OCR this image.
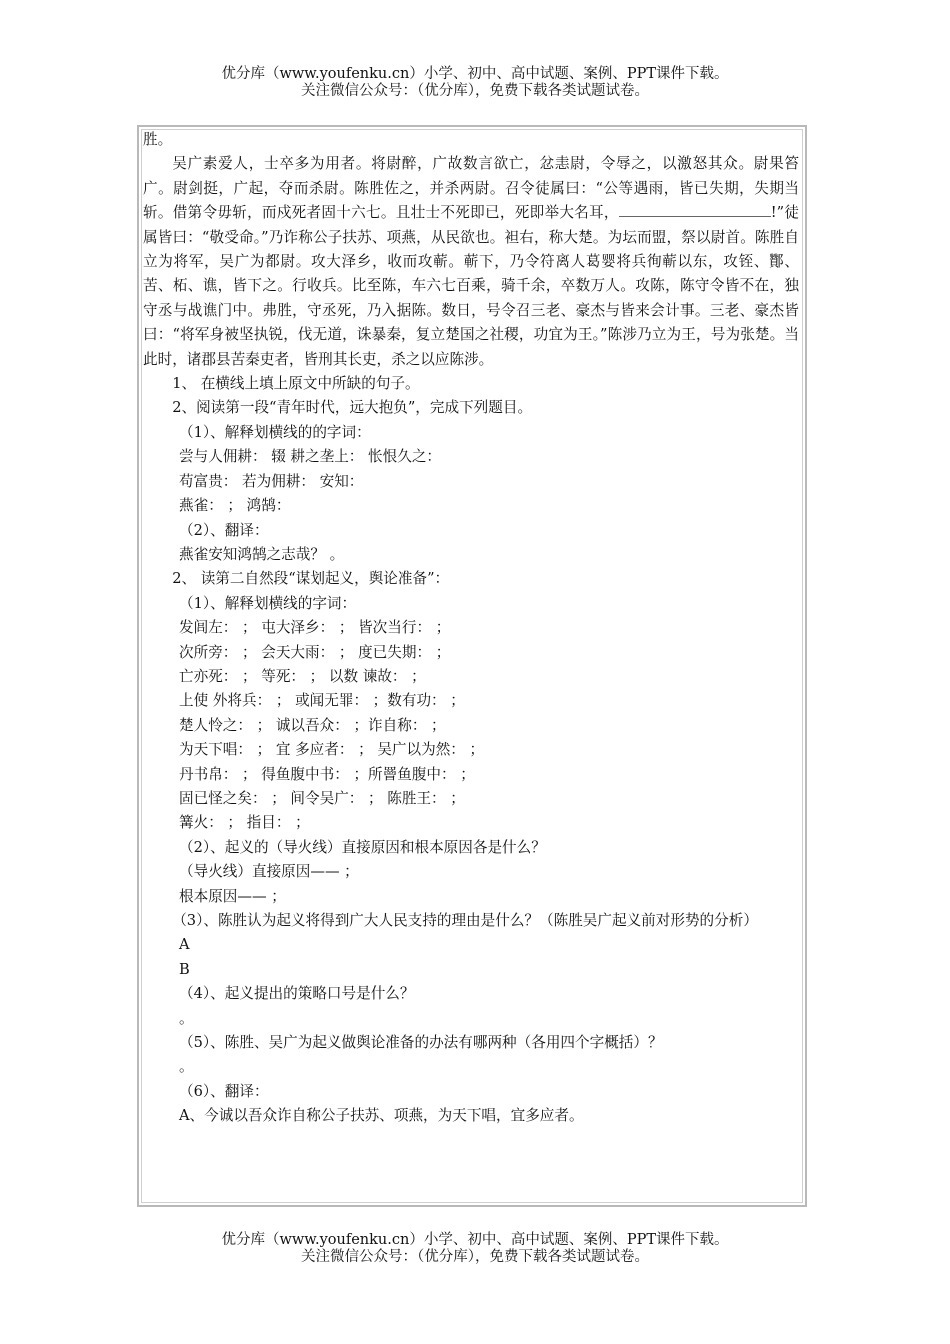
优分库（www.youfenku.cn）小学、初中、高中试题、案例、PPT课件下载。
关注微信公众号：（优分库），免费下载各类试题试卷。

胜。

吴广素爱人，士卒多为用者。将尉醉，广故数言欲亡，忿恚尉，令辱之，以激怒其众。尉果笞广。尉剑挺，广起，夺而杀尉。陈胜佐之，并杀两尉。召令徒属曰：“公等遇雨，皆已失期，失期当斩。借第令毋斩，而戍死者固十六七。且壮士不死即已，死即举大名耳，	!”徒属皆曰：“敬受命。”乃诈称公子扶苏、项燕，从民欲也。袒右，称大楚。为坛而盟，祭以尉首。陈胜自立为将军，吴广为都尉。攻大泽乡，收而攻蕲。蕲下，乃令符离人葛婴将兵徇蕲以东，攻铚、酇、苦、柘、谯，皆下之。行收兵。比至陈，车六七百乘，骑千余，卒数万人。攻陈，陈守令皆不在，独守丞与战谯门中。弗胜，守丞死，乃入据陈。数日，号令召三老、豪杰与皆来会计事。三老、豪杰皆曰：“将军身被坚执锐，伐无道，诛暴秦，复立楚国之社稷，功宜为王。”陈涉乃立为王，号为张楚。当此时，诸郡县苦秦吏者，皆刑其长吏，杀之以应陈涉。

1、 在横线上填上原文中所缺的句子。

2、阅读第一段“青年时代，远大抱负”，完成下列题目。

（1）、解释划横线的的字词：

尝与人佣耕： 辍 耕之垄上： 怅恨久之：

苟富贵： 若为佣耕： 安知：

燕雀： ； 鸿鹄：

（2）、翻译：

燕雀安知鸿鹄之志哉？ 。

2、 读第二自然段“谋划起义，舆论准备”：

（1）、解释划横线的字词：

发闾左： ； 屯大泽乡： ； 皆次当行： ；

次所旁： ； 会天大雨： ； 度已失期： ；

亡亦死： ； 等死： ； 以数 谏故： ；

上使 外将兵： ； 或闻无罪： ；数有功： ；

楚人怜之： ； 诚以吾众： ；诈自称： ；

为天下唱： ； 宜 多应者： ； 吴广以为然： ；

丹书帛： ； 得鱼腹中书： ；所罾鱼腹中： ；

固已怪之矣： ； 间令吴广： ； 陈胜王： ；

篝火： ； 指目： ；

（2）、起义的（导火线）直接原因和根本原因各是什么？

（导火线）直接原因—— ；

根本原因—— ；

（3）、陈胜认为起义将得到广大人民支持的理由是什么？（陈胜吴广起义前对形势的分析）

A

B

（4）、起义提出的策略口号是什么？

。

（5）、陈胜、吴广为起义做舆论准备的办法有哪两种（各用四个字概括）？

。

（6）、翻译：

A、今诚以吾众诈自称公子扶苏、项燕，为天下唱，宜多应者。

优分库（www.youfenku.cn）小学、初中、高中试题、案例、PPT课件下载。
关注微信公众号：（优分库），免费下载各类试题试卷。
